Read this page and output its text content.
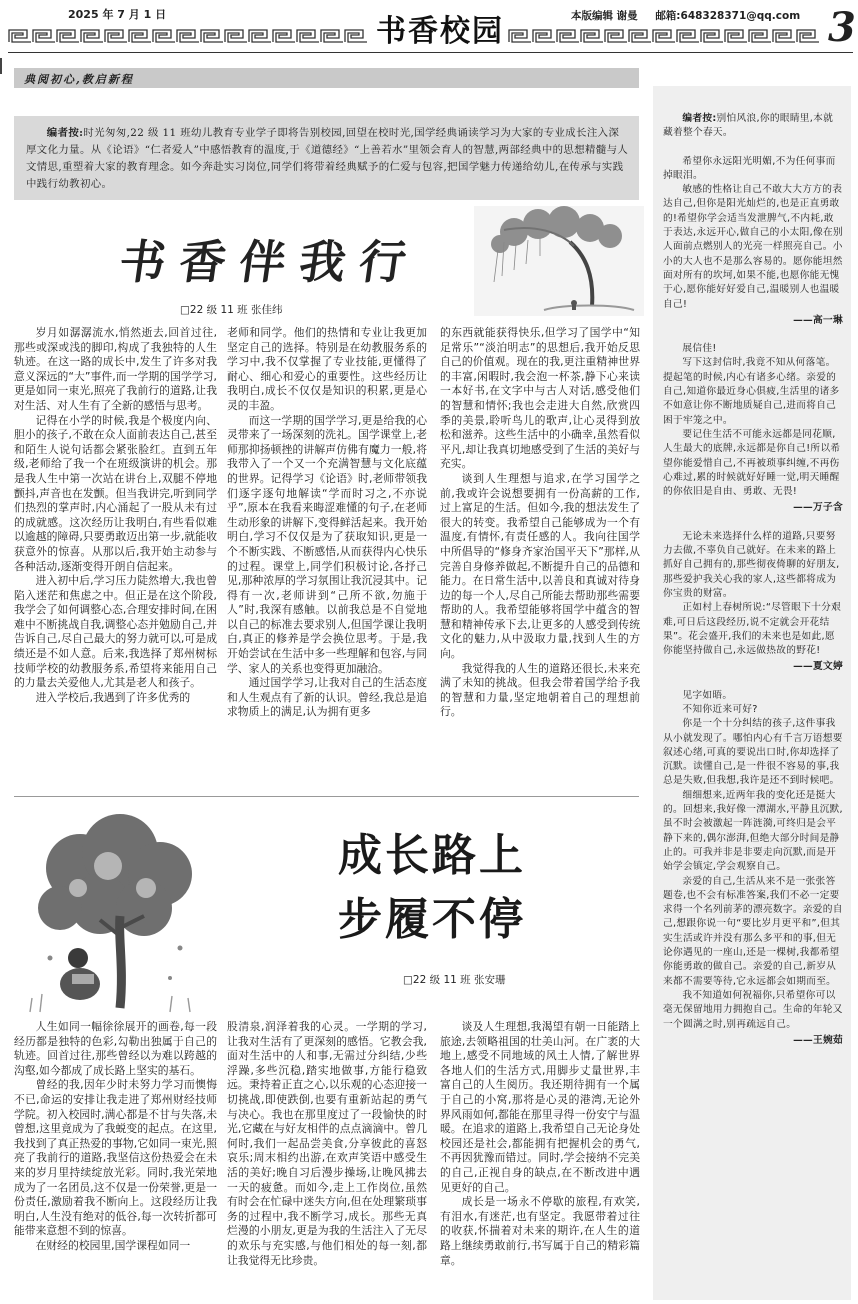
2025 年 7 月 1 日	书香校园	本版编辑 谢曼 邮箱:648328371@qq.com 3
典阅初心,教启新程
编者按:时光匆匆,22 级 11 班幼儿教育专业学子即将告别校园,回望在校时光,国学经典诵读学习为大家的专业成长注入深厚文化力量。从《论语》“仁者爱人”中感悟教育的温度,于《道德经》“上善若水”里领会育人的智慧,两部经典中的思想精髓与人文情思,重塑着大家的教育理念。如今奔赴实习岗位,同学们将带着经典赋予的仁爱与包容,把国学魅力传递给幼儿,在传承与实践中践行幼教初心。
书香伴我行
□22 级 11 班 张佳纬

岁月如潺潺流水,悄然逝去,回首过往,那些或深或浅的脚印,构成了我独特的人生轨迹。在这一路的成长中,发生了许多对我意义深远的“大”事件,而一学期的国学学习,更是如同一束光,照亮了我前行的道路,让我对生活、对人生有了全新的感悟与思考。

记得在小学的时候,我是个极度内向、胆小的孩子,不敢在众人面前表达自己,甚至和陌生人说句话都会紧张脸红。直到五年级,老师给了我一个在班级演讲的机会。那是我人生中第一次站在讲台上,双腿不停地颤抖,声音也在发颤。但当我讲完,听到同学们热烈的掌声时,内心涌起了一股从未有过的成就感。这次经历让我明白,有些看似难以逾越的障碍,只要勇敢迈出第一步,就能收获意外的惊喜。从那以后,我开始主动参与各种活动,逐渐变得开朗自信起来。

进入初中后,学习压力陡然增大,我也曾陷入迷茫和焦虑之中。但正是在这个阶段,我学会了如何调整心态,合理安排时间,在困难中不断挑战自我,调整心态并勉励自己,并告诉自己,尽自己最大的努力就可以,可是成绩还是不如人意。后来,我选择了郑州树标技师学校的幼教服务系,希望将来能用自己的力量去关爱他人,尤其是老人和孩子。

进入学校后,我遇到了许多优秀的

老师和同学。他们的热情和专业让我更加坚定自己的选择。特别是在幼教服务系的学习中,我不仅掌握了专业技能,更懂得了耐心、细心和爱心的重要性。这些经历让我明白,成长不仅仅是知识的积累,更是心灵的丰盈。

而这一学期的国学学习,更是给我的心灵带来了一场深刻的洗礼。国学课堂上,老师那抑扬顿挫的讲解声仿佛有魔力一般,将我带入了一个又一个充满智慧与文化底蕴的世界。记得学习《论语》时,老师带领我们逐字逐句地解读“学而时习之,不亦说乎”,原本在我看来晦涩难懂的句子,在老师生动形象的讲解下,变得鲜活起来。我开始明白,学习不仅仅是为了获取知识,更是一个不断实践、不断感悟,从而获得内心快乐的过程。课堂上,同学们积极讨论,各抒己见,那种浓厚的学习氛围让我沉浸其中。记得有一次,老师讲到“己所不欲,勿施于人”时,我深有感触。以前我总是不自觉地以自己的标准去要求别人,但国学课让我明白,真正的修养是学会换位思考。于是,我开始尝试在生活中多一些理解和包容,与同学、家人的关系也变得更加融洽。

通过国学学习,让我对自己的生活态度和人生观点有了新的认识。曾经,我总是追求物质上的满足,认为拥有更多

的东西就能获得快乐,但学习了国学中“知足常乐”“淡泊明志”的思想后,我开始反思自己的价值观。现在的我,更注重精神世界的丰富,闲暇时,我会泡一杯茶,静下心来读一本好书,在文字中与古人对话,感受他们的智慧和情怀;我也会走进大自然,欣赏四季的美景,聆听鸟儿的歌声,让心灵得到放松和滋养。这些生活中的小确幸,虽然看似平凡,却让我真切地感受到了生活的美好与充实。

谈到人生理想与追求,在学习国学之前,我或许会说想要拥有一份高薪的工作,过上富足的生活。但如今,我的想法发生了很大的转变。我希望自己能够成为一个有温度,有情怀,有责任感的人。我向往国学中所倡导的“修身齐家治国平天下”那样,从完善自身修养做起,不断提升自己的品德和能力。在日常生活中,以善良和真诚对待身边的每一个人,尽自己所能去帮助那些需要帮助的人。我希望能够将国学中蕴含的智慧和精神传承下去,让更多的人感受到传统文化的魅力,从中汲取力量,找到人生的方向。

我觉得我的人生的道路还很长,未来充满了未知的挑战。但我会带着国学给予我的智慧和力量,坚定地朝着自己的理想前行。

成长路上
步履不停
□22 级 11 班 张安珊

人生如同一幅徐徐展开的画卷,每一段经历都是独特的色彩,勾勒出独属于自己的轨迹。回首过往,那些曾经以为难以跨越的沟壑,如今都成了成长路上坚实的基石。

曾经的我,因年少时未努力学习而懊悔不已,命运的安排让我走进了郑州财经技师学院。初入校园时,满心都是不甘与失落,未曾想,这里竟成为了我蜕变的起点。在这里,我找到了真正热爱的事物,它如同一束光,照亮了我前行的道路,我坚信这份热爱会在未来的岁月里持续绽放光彩。同时,我光荣地成为了一名团员,这不仅是一份荣誉,更是一份责任,激励着我不断向上。这段经历让我明白,人生没有绝对的低谷,每一次转折都可能带来意想不到的惊喜。

在财经的校园里,国学课程如同一

股清泉,润泽着我的心灵。一学期的学习,让我对生活有了更深刻的感悟。它教会我,面对生活中的人和事,无需过分纠结,少些浮躁,多些沉稳,踏实地做事,方能行稳致远。秉持着正直之心,以乐观的心态迎接一切挑战,即使跌倒,也要有重新站起的勇气与决心。我也在那里度过了一段愉快的时光,它藏在与好友相伴的点点滴滴中。曾几何时,我们一起品尝美食,分享彼此的喜怒哀乐;周末相约出游,在欢声笑语中感受生活的美好;晚自习后漫步操场,让晚风拂去一天的疲惫。而如今,走上工作岗位,虽然有时会在忙碌中迷失方向,但在处理繁琐事务的过程中,我不断学习,成长。那些无真烂漫的小朋友,更是为我的生活注入了无尽的欢乐与充实感,与他们相处的每一刻,都让我觉得无比珍贵。

谈及人生理想,我渴望有朝一日能踏上旅途,去领略祖国的壮美山河。在广袤的大地上,感受不同地域的风土人情,了解世界各地人们的生活方式,用脚步丈量世界,丰富自己的人生阅历。我还期待拥有一个属于自己的小窝,那将是心灵的港湾,无论外界风雨如何,都能在那里寻得一份安宁与温暖。在追求的道路上,我希望自己无论身处校园还是社会,都能拥有把握机会的勇气,不再因犹豫而错过。同时,学会接纳不完美的自己,正视自身的缺点,在不断改进中遇见更好的自己。

成长是一场永不停歇的旅程,有欢笑,有泪水,有迷茫,也有坚定。我愿带着过往的收获,怀揣着对未来的期许,在人生的道路上继续勇敢前行,书写属于自己的精彩篇章。

编者按:别怕风浪,你的眼睛里,本就藏着整个春天。

希望你永远阳光明媚,不为任何事而掉眼泪。

敏感的性格让自己不敢大大方方的表达自己,但你是阳光灿烂的,也是正直勇敢的!希望你学会适当发泄脾气,不内耗,敢于表达,永远开心,做自己的小太阳,像在别人面前点燃别人的光亮一样照亮自己。小小的大人也不是那么容易的。愿你能坦然面对所有的坎坷,如果不能,也愿你能无愧于心,愿你能好好爱自己,温暖别人也温暖自己!

——高一琳

展信佳!

写下这封信时,我竟不知从何落笔。提起笔的时候,内心有诸多心绪。亲爱的自己,知道你最近身心俱疲,生活里的诸多不如意让你不断地质疑自己,进而将自己困于牢笼之中。

要记住生活不可能永远都是同花顺,人生最大的底牌,永远都是你自己!所以希望你能爱惜自己,不再被琐事纠缠,不再伤心难过,累的时候就好好睡一觉,明天睡醒的你依旧是自由、勇敢、无畏!

——万子含

无论未来选择什么样的道路,只要努力去做,不辜负自己就好。在未来的路上抓好自己拥有的,那些彻夜倚聊的好朋友,那些爱护我关心我的家人,这些都将成为你宝贵的财富。

正如村上春树所说:“尽管眼下十分艰难,可日后这段经历,说不定就会开花结果”。花会盛开,我们的未来也是如此,愿你能坚持做自己,永远做热故的野花!

——夏文婷

见字如晤。

不知你近来可好?

你是一个十分纠结的孩子,这件事我从小就发现了。哪怕内心有千言万语想要叙述心绪,可真的要说出口时,你却选择了沉默。读懂自己,是一件很不容易的事,我总是失败,但我想,我许是还不到时候吧。

细细想来,近两年我的变化还是挺大的。回想来,我好像一潭湖水,平静且沉默,虽不时会被激起一阵涟漪,可终归是会平静下来的,偶尔澎湃,但绝大部分时间是静止的。可我并非是非要走向沉默,而是开始学会镇定,学会观察自己。

亲爱的自己,生活从来不是一张张答题卷,也不会有标准答案,我们不必一定要求得一个名列前茅的漂亮数字。亲爱的自己,想跟你说一句“要比岁月更平和”,但其实生活或许并没有那么多平和的事,但无论你遇见的一座山,还是一棵树,我都希望你能勇敢的做自己。亲爱的自己,新岁从来都不需要等待,它永远都会如期而至。

我不知道如何祝福你,只希望你可以毫无保留地用力拥抱自己。生命的年轮又一个圆满之时,别再疏远自己。

——王婉茹
